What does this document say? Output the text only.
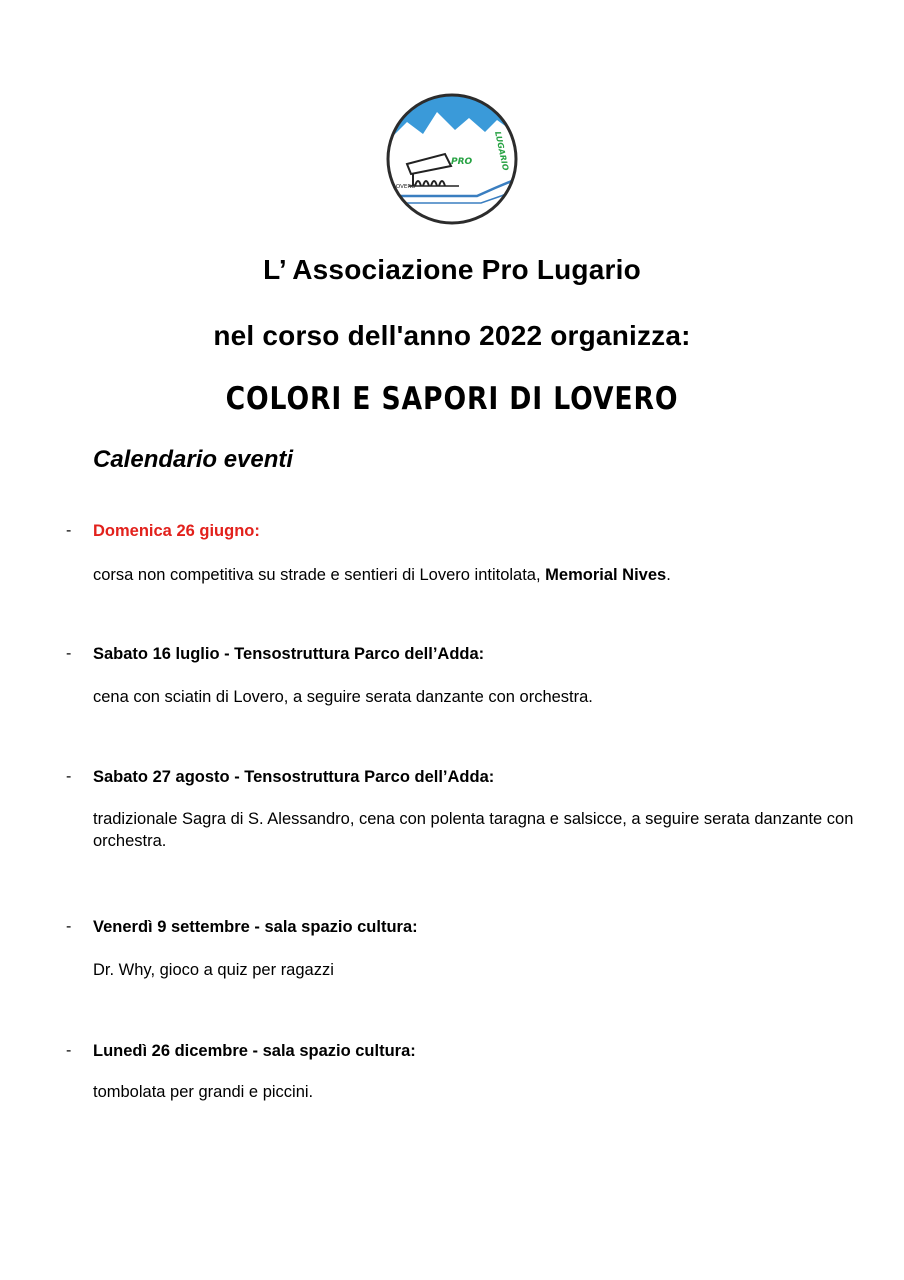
PRO	LUGARIO
LOVERO
L’ Associazione Pro Lugario
nel corso dell'anno 2022 organizza:
COLORI E SAPORI DI LOVERO
Calendario eventi
- Domenica 26 giugno:
corsa non competitiva su strade e sentieri di Lovero intitolata, Memorial Nives.
- Sabato 16 luglio - Tensostruttura Parco dell’Adda:
cena con sciatin di Lovero, a seguire serata danzante con orchestra.
- Sabato 27 agosto - Tensostruttura Parco dell’Adda:
tradizionale Sagra di S. Alessandro, cena con polenta taragna e salsicce, a seguire serata danzante con orchestra.
- Venerdì 9 settembre - sala spazio cultura:
Dr. Why, gioco a quiz per ragazzi
- Lunedì 26 dicembre - sala spazio cultura:
tombolata per grandi e piccini.
